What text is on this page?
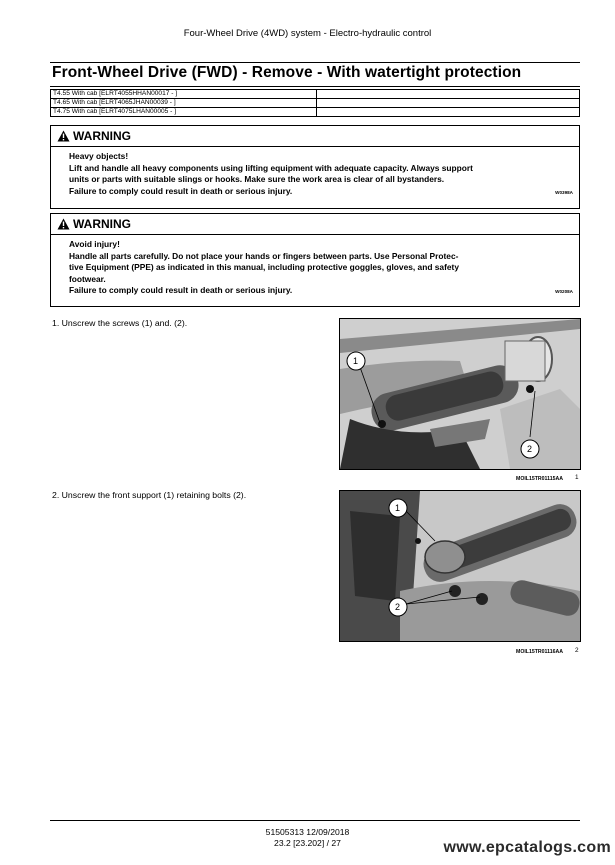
Four-Wheel Drive (4WD) system - Electro-hydraulic control
Front-Wheel Drive (FWD) - Remove - With watertight protection
T4.55 With cab [ELRT4055HHAN00017 - ]	
T4.65 With cab [ELRT4065JHAN00039 - ]	
T4.75 With cab [ELRT4075LHAN00005 - ]	
WARNING
Heavy objects!
Lift and handle all heavy components using lifting equipment with adequate capacity. Always support
units or parts with suitable slings or hooks. Make sure the work area is clear of all bystanders.
Failure to comply could result in death or serious injury.	W0398A
WARNING
Avoid injury!
Handle all parts carefully. Do not place your hands or fingers between parts. Use Personal Protec-
tive Equipment (PPE) as indicated in this manual, including protective goggles, gloves, and safety
footwear.
Failure to comply could result in death or serious injury.	W0208A
1. Unscrew the screws (1) and. (2).
1
2
MOIL15TR01115AA 1
2. Unscrew the front support (1) retaining bolts (2).
1
2
MOIL15TR01116AA 2
51505313 12/09/2018
23.2 [23.202] / 27	www.epcatalogs.com
